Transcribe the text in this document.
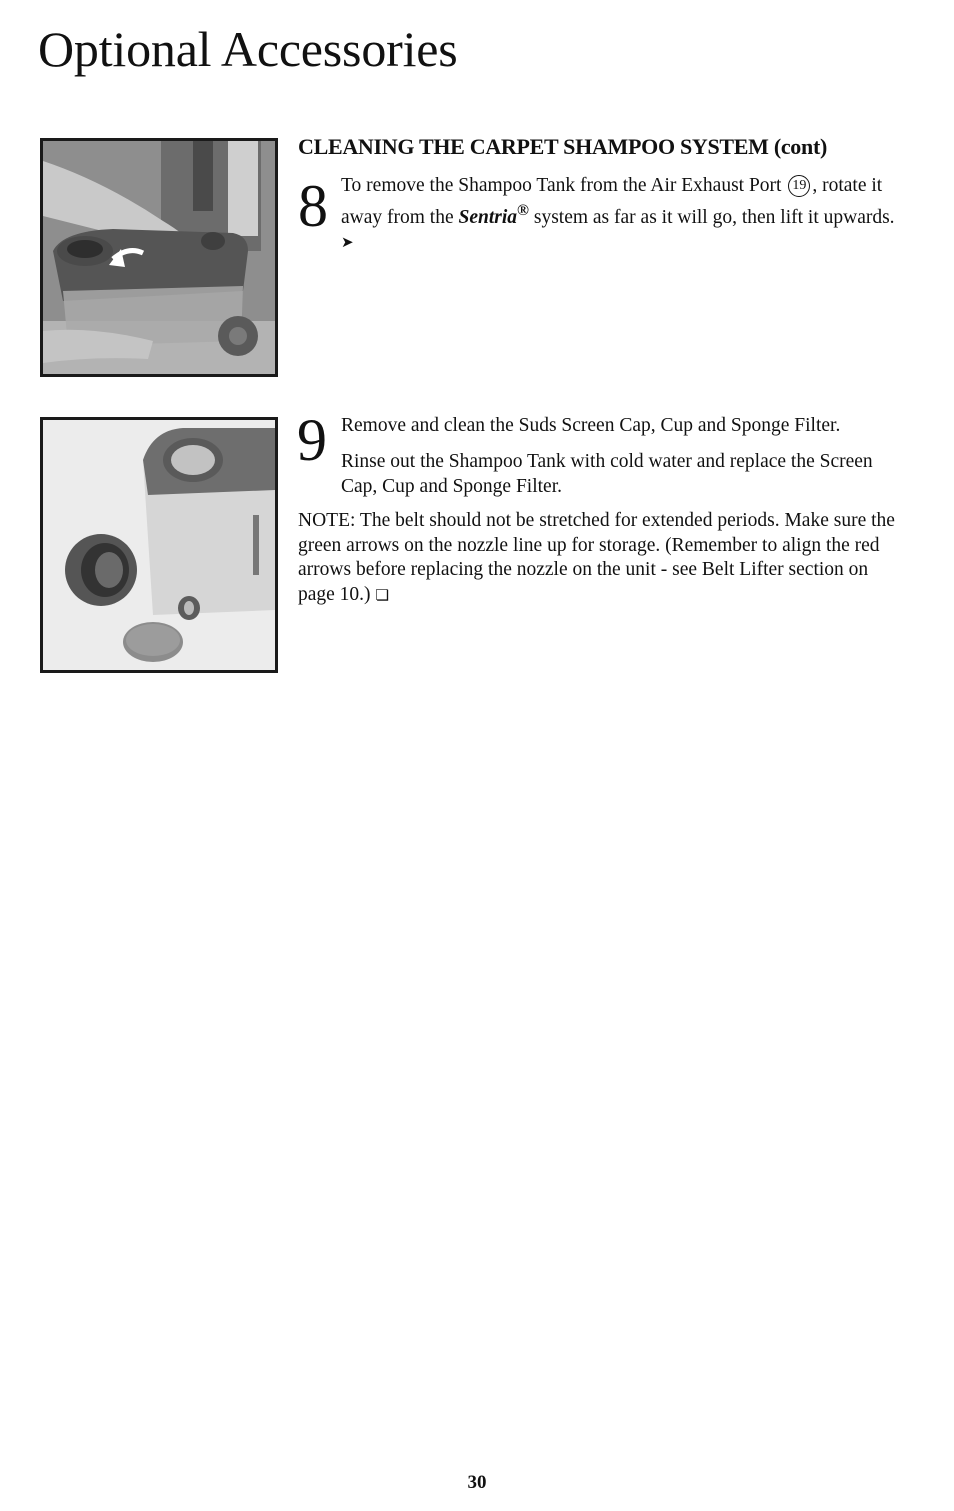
Optional Accessories
CLEANING THE CARPET SHAMPOO SYSTEM (cont)
8 To remove the Shampoo Tank from the Air Exhaust Port 19 , rotate it away from the Sentria® system as far as it will go, then lift it upwards. ➤

9 Remove and clean the Suds Screen Cap, Cup and Sponge Filter.

Rinse out the Shampoo Tank with cold water and replace the Screen Cap, Cup and Sponge Filter.

NOTE: The belt should not be stretched for extended periods. Make sure the green arrows on the nozzle line up for storage. (Remember to align the red arrows before replacing the nozzle on the unit - see Belt Lifter section on page 10.) ❏

30
